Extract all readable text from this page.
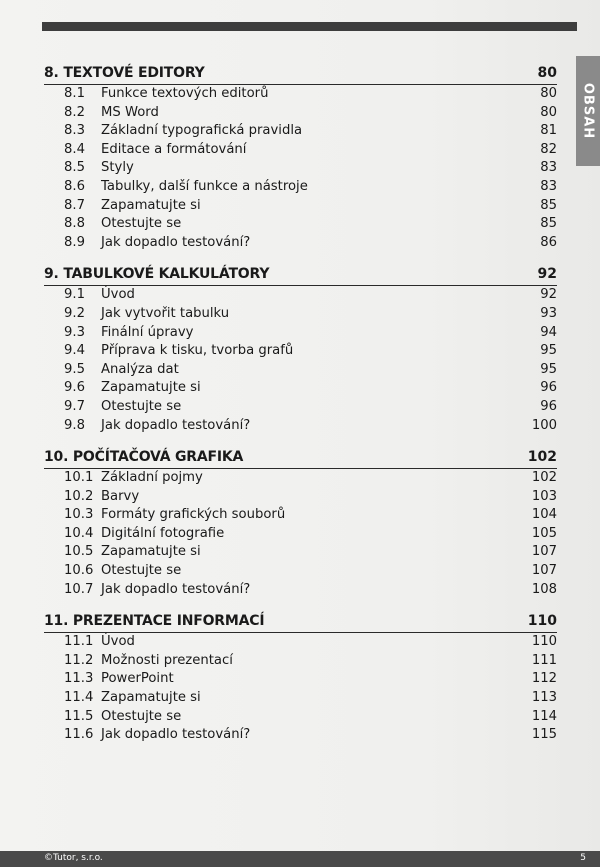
OBSAH
8. TEXTOVÉ EDITORY	80
8.1	Funkce textových editorů	80
8.2	MS Word	80
8.3	Základní typografická pravidla	81
8.4	Editace a formátování	82
8.5	Styly	83
8.6	Tabulky, další funkce a nástroje	83
8.7	Zapamatujte si	85
8.8	Otestujte se	85
8.9	Jak dopadlo testování?	86
9. TABULKOVÉ KALKULÁTORY	92
9.1	Úvod	92
9.2	Jak vytvořit tabulku	93
9.3	Finální úpravy	94
9.4	Příprava k tisku, tvorba grafů	95
9.5	Analýza dat	95
9.6	Zapamatujte si	96
9.7	Otestujte se	96
9.8	Jak dopadlo testování?	100
10. POČÍTAČOVÁ GRAFIKA	102
10.1 Základní pojmy	102
10.2 Barvy	103
10.3 Formáty grafických souborů	104
10.4 Digitální fotografie	105
10.5 Zapamatujte si	107
10.6 Otestujte se	107
10.7 Jak dopadlo testování?	108
11. PREZENTACE INFORMACÍ	110
11.1 Úvod	110
11.2 Možnosti prezentací	111
11.3 PowerPoint	112
11.4 Zapamatujte si	113
11.5 Otestujte se	114
11.6 Jak dopadlo testování?	115
©Tutor, s.r.o.	5
